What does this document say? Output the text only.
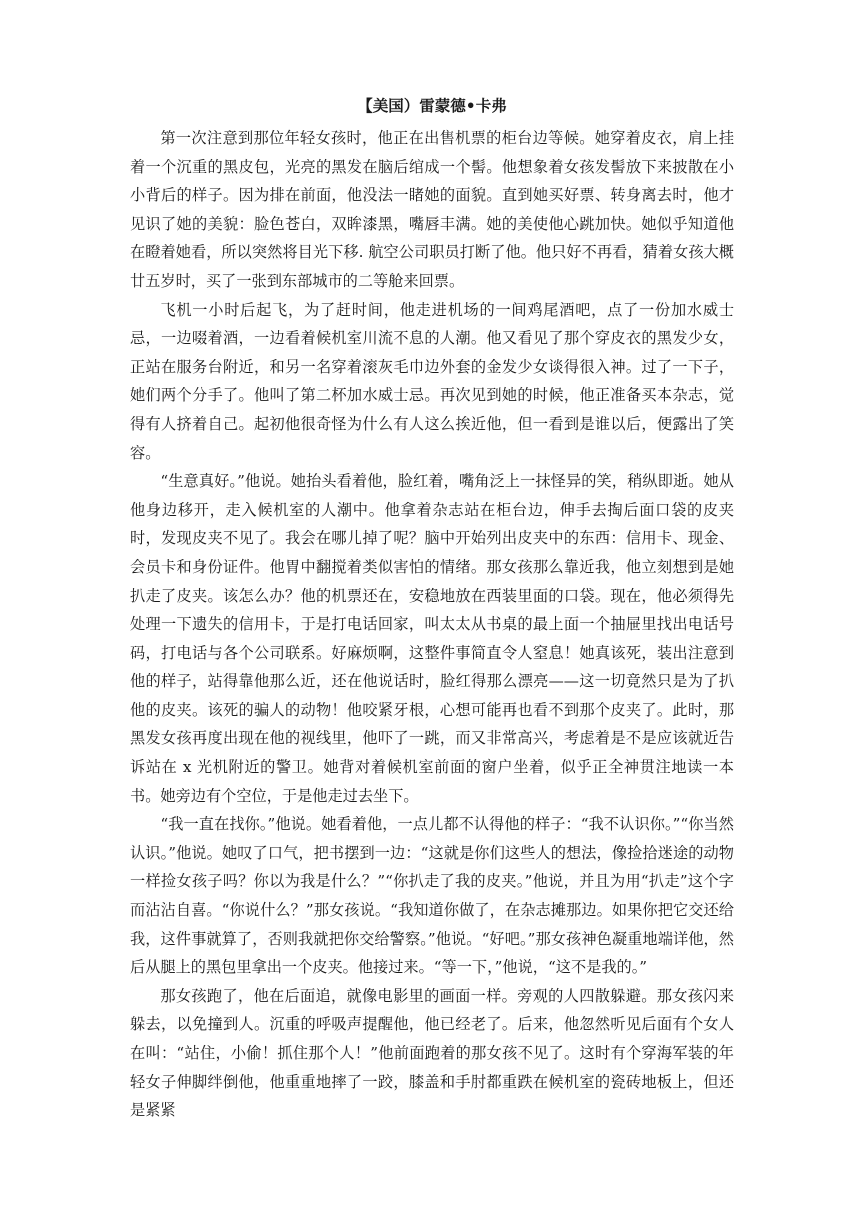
【美国）雷蒙德•卡弗

第一次注意到那位年轻女孩时，他正在出售机票的柜台边等候。她穿着皮衣，肩上挂着一个沉重的黑皮包，光亮的黑发在脑后绾成一个髻。他想象着女孩发髻放下来披散在小小背后的样子。因为排在前面，他没法一睹她的面貌。直到她买好票、转身离去时，他才见识了她的美貌：脸色苍白，双眸漆黑，嘴唇丰满。她的美使他心跳加快。她似乎知道他在瞪着她看，所以突然将目光下移. 航空公司职员打断了他。他只好不再看，猜着女孩大概廿五岁时，买了一张到东部城市的二等舱来回票。

飞机一小时后起飞，为了赶时间，他走进机场的一间鸡尾酒吧，点了一份加水威士忌，一边啜着酒，一边看着候机室川流不息的人潮。他又看见了那个穿皮衣的黑发少女，正站在服务台附近，和另一名穿着滚灰毛巾边外套的金发少女谈得很入神。过了一下子，她们两个分手了。他叫了第二杯加水威士忌。再次见到她的时候，他正准备买本杂志，觉得有人挤着自己。起初他很奇怪为什么有人这么挨近他，但一看到是谁以后，便露出了笑容。

“生意真好。”他说。她抬头看着他，脸红着，嘴角泛上一抹怪异的笑，稍纵即逝。她从他身边移开，走入候机室的人潮中。他拿着杂志站在柜台边，伸手去掏后面口袋的皮夹时，发现皮夹不见了。我会在哪儿掉了呢？脑中开始列出皮夹中的东西：信用卡、现金、会员卡和身份证件。他胃中翻搅着类似害怕的情绪。那女孩那么靠近我，他立刻想到是她扒走了皮夹。该怎么办？他的机票还在，安稳地放在西装里面的口袋。现在，他必须得先处理一下遗失的信用卡，于是打电话回家，叫太太从书桌的最上面一个抽屉里找出电话号码，打电话与各个公司联系。好麻烦啊，这整件事简直令人窒息！她真该死，装出注意到他的样子，站得靠他那么近，还在他说话时，脸红得那么漂亮——这一切竟然只是为了扒他的皮夹。该死的骗人的动物！他咬紧牙根，心想可能再也看不到那个皮夹了。此时，那黑发女孩再度出现在他的视线里，他吓了一跳，而又非常高兴，考虑着是不是应该就近告诉站在 x 光机附近的警卫。她背对着候机室前面的窗户坐着，似乎正全神贯注地读一本书。她旁边有个空位，于是他走过去坐下。

“我一直在找你。”他说。她看着他，一点儿都不认得他的样子：“我不认识你。”“你当然认识。”他说。她叹了口气，把书摆到一边：“这就是你们这些人的想法，像捡拾迷途的动物一样捡女孩子吗？你以为我是什么？”“你扒走了我的皮夹。”他说，并且为用“扒走”这个字而沾沾自喜。“你说什么？”那女孩说。“我知道你做了，在杂志摊那边。如果你把它交还给我，这件事就算了，否则我就把你交给警察。”他说。“好吧。”那女孩神色凝重地端详他，然后从腿上的黑包里拿出一个皮夹。他接过来。“等一下，”他说，“这不是我的。”

那女孩跑了，他在后面追，就像电影里的画面一样。旁观的人四散躲避。那女孩闪来躲去，以免撞到人。沉重的呼吸声提醒他，他已经老了。后来，他忽然听见后面有个女人在叫：“站住，小偷！抓住那个人！”他前面跑着的那女孩不见了。这时有个穿海军装的年轻女子伸脚绊倒他，他重重地摔了一跤，膝盖和手肘都重跌在候机室的瓷砖地板上，但还是紧紧
